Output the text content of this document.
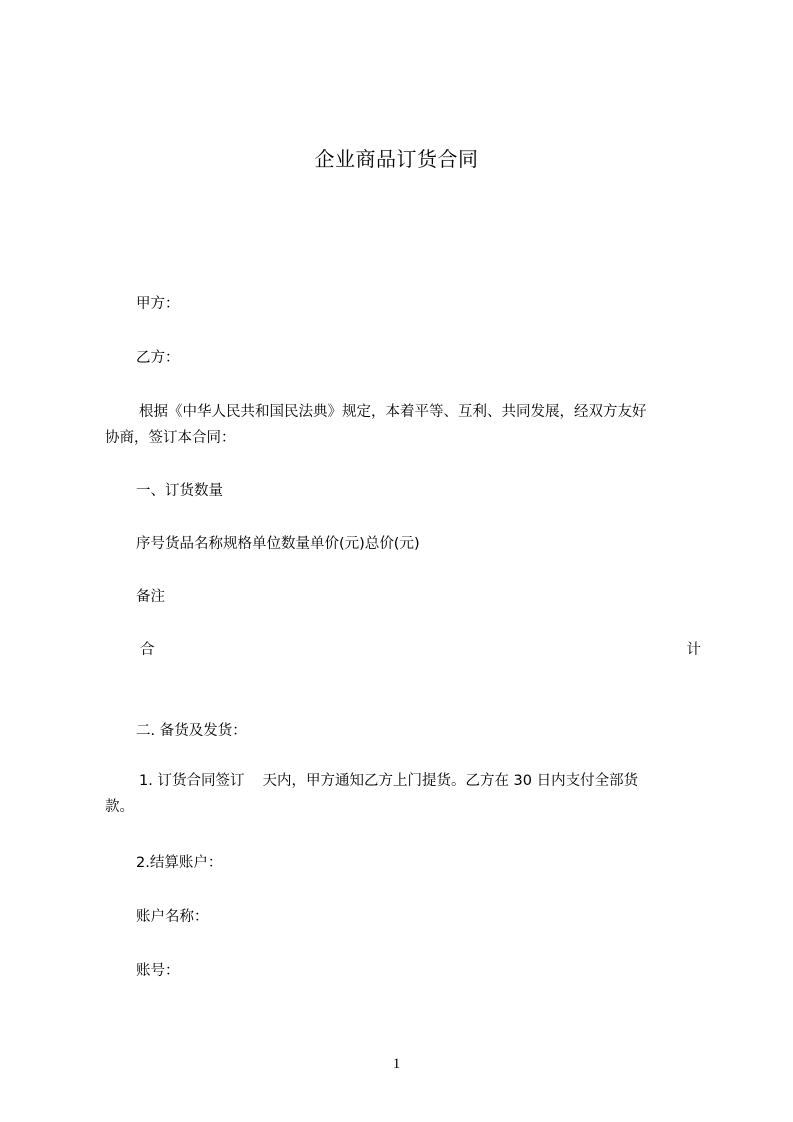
企业商品订货合同
甲方：
乙方：
根据《中华人民共和国民法典》规定，本着平等、互利、共同发展，经双方友好
协商，签订本合同：
一、订货数量
序号货品名称规格单位数量单价(元)总价(元)
备注
合	计
二. 备货及发货：
1. 订货合同签订 天内，甲方通知乙方上门提货。乙方在 30 日内支付全部货
款。
2.结算账户：
账户名称：
账号：
1
